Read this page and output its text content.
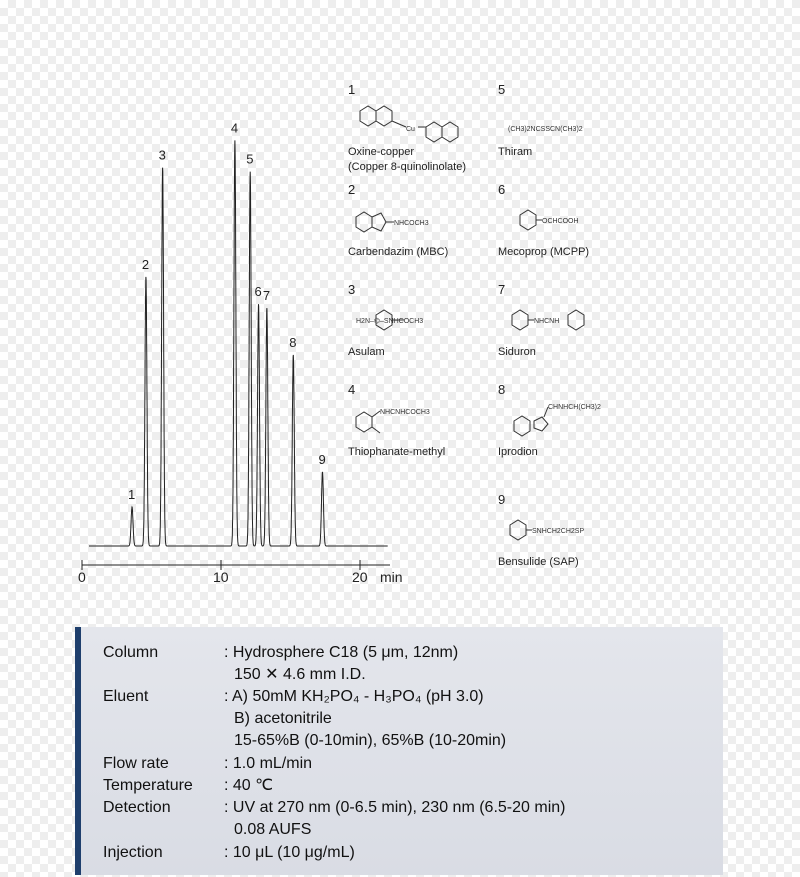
0	10	20 min
1
2
3
4
5
6 7
8
9
1
Cu
Oxine-copper
(Copper 8-quinolinolate)
2
NHCOCH3
Carbendazim (MBC)
3
H2N–⌬–SNHCOCH3
Asulam
4
NHCNHCOCH3
Thiophanate-methyl
5
(CH3)2NCSSCN(CH3)2
Thiram
6
OCHCOOH
Mecoprop (MCPP)
7
NHCNH
Siduron
8
CHNHCH(CH3)2
Iprodion
9
SNHCH2CH2SP
Bensulide (SAP)
Column	: Hydrosphere C18 (5 μm, 12nm)
150 ✕ 4.6 mm I.D.
Eluent	: A) 50mM KH₂PO₄ - H₃PO₄ (pH 3.0)
B) acetonitrile
15-65%B (0-10min), 65%B (10-20min)
Flow rate	: 1.0 mL/min
Temperature	: 40 ℃
Detection	: UV at 270 nm (0-6.5 min), 230 nm (6.5-20 min)
0.08 AUFS
Injection	: 10 μL (10 μg/mL)
